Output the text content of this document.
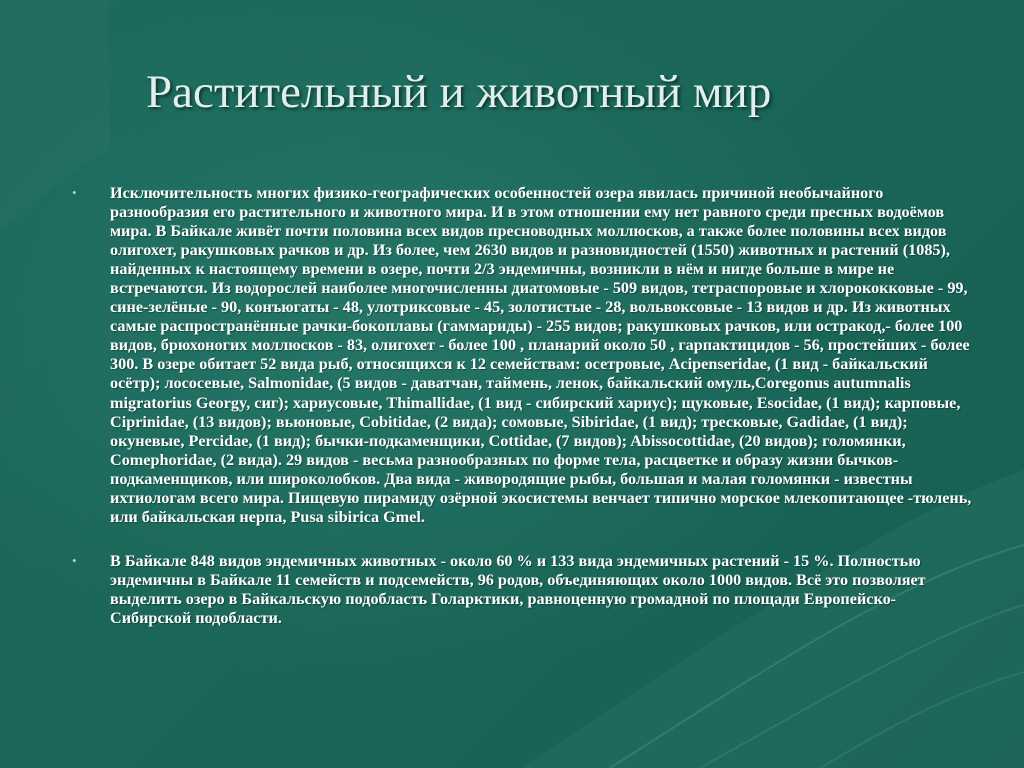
Растительный и животный мир
• Исключительность многих физико-географических особенностей озера явилась причиной необычайного разнообразия его растительного и животного мира. И в этом отношении ему нет равного среди пресных водоёмов мира. В Байкале живёт почти половина всех видов пресноводных моллюсков, а также более половины всех видов олигохет, ракушковых рачков и др. Из более, чем 2630 видов и разновидностей (1550) животных и растений (1085), найденных к настоящему времени в озере, почти 2/3 эндемичны, возникли в нём и нигде больше в мире не встречаются. Из водорослей наиболее многочисленны диатомовые - 509 видов, тетраспоровые и хлорококковые - 99, сине-зелёные - 90, конъюгаты - 48, улотриксовые - 45, золотистые - 28, вольвоксовые - 13 видов и др. Из животных самые распространённые рачки-бокоплавы (гаммариды) - 255 видов; ракушковых рачков, или остракод,- более 100 видов, брюхоногих моллюсков - 83, олигохет - более 100 , планарий около 50 , гарпактицидов - 56, простейших - более 300. В озере обитает 52 вида рыб, относящихся к 12 семействам: осетровые, Acipenseridae, (1 вид - байкальский осётр); лососевые, Salmonidae, (5 видов - даватчан, таймень, ленок, байкальский омуль,Coregonus autumnalis migratorius Georgy, сиг); хариусовые, Thimallidae, (1 вид - сибирский хариус); щуковые, Esocidae, (1 вид); карповые, Ciprinidae, (13 видов); вьюновые, Cobitidae, (2 вида); сомовые, Sibiridae, (1 вид); тресковые, Gadidae, (1 вид); окуневые, Percidae, (1 вид); бычки-подкаменщики, Cottidae, (7 видов); Abissocottidae, (20 видов); голомянки, Comephoridae, (2 вида). 29 видов - весьма разнообразных по форме тела, расцветке и образу жизни бычков-подкаменщиков, или широколобков. Два вида - живородящие рыбы, большая и малая голомянки - известны ихтиологам всего мира. Пищевую пирамиду озёрной экосистемы венчает типично морское млекопитающее -тюлень, или байкальская нерпа, Pusa sibirica Gmel.
• В Байкале 848 видов эндемичных животных - около 60 % и 133 вида эндемичных растений - 15 %. Полностью эндемичны в Байкале 11 семейств и подсемейств, 96 родов, объединяющих около 1000 видов. Всё это позволяет выделить озеро в Байкальскую подобласть Голарктики, равноценную громадной по площади Европейско-Сибирской подобласти.
